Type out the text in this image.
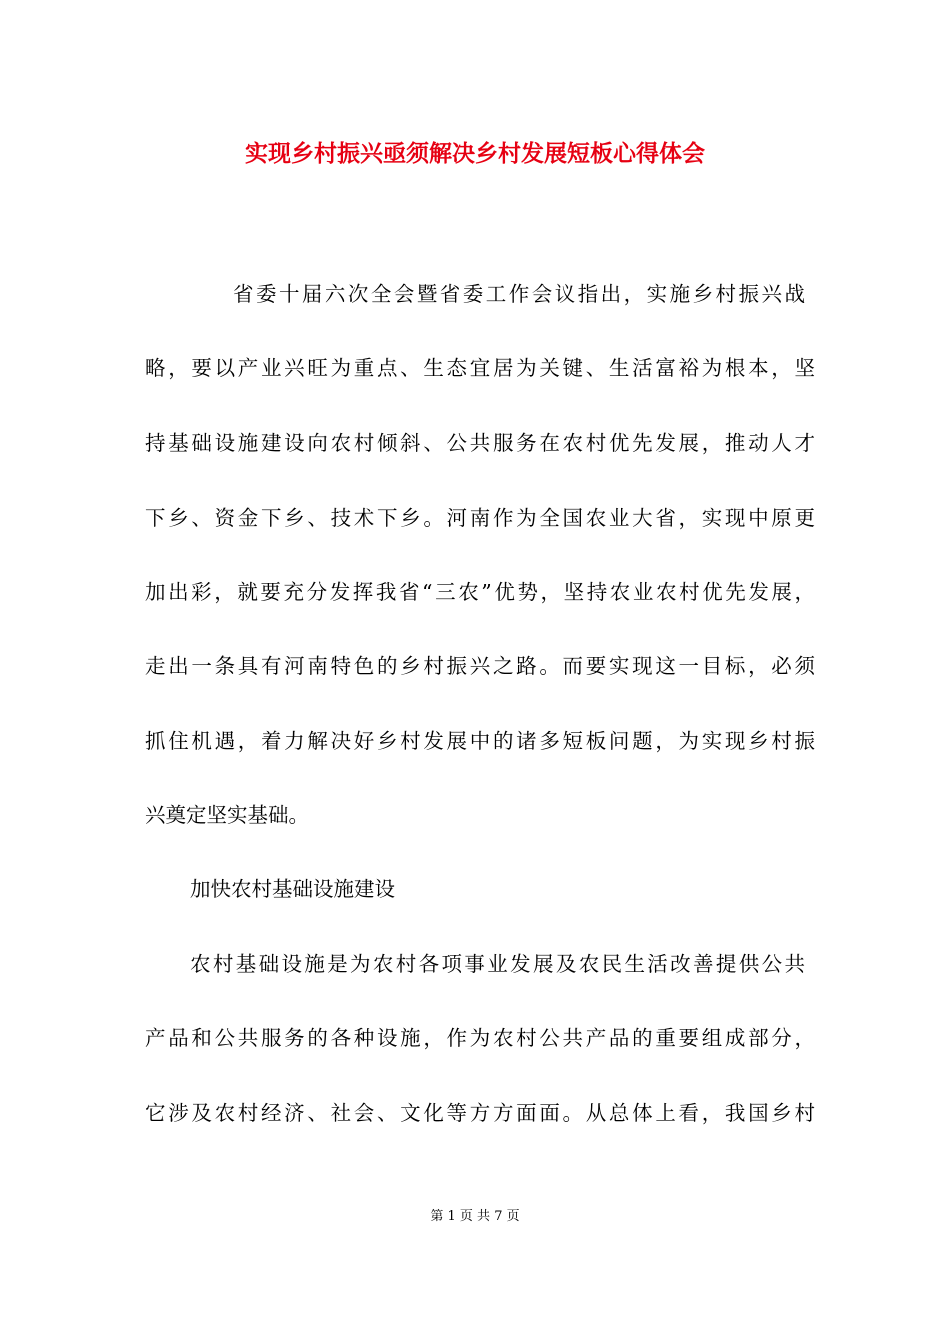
实现乡村振兴亟须解决乡村发展短板心得体会
省委十届六次全会暨省委工作会议指出，实施乡村振兴战
略，要以产业兴旺为重点、生态宜居为关键、生活富裕为根本，坚
持基础设施建设向农村倾斜、公共服务在农村优先发展，推动人才
下乡、资金下乡、技术下乡。河南作为全国农业大省，实现中原更
加出彩，就要充分发挥我省“三农”优势，坚持农业农村优先发展，
走出一条具有河南特色的乡村振兴之路。而要实现这一目标，必须
抓住机遇，着力解决好乡村发展中的诸多短板问题，为实现乡村振
兴奠定坚实基础。
加快农村基础设施建设
农村基础设施是为农村各项事业发展及农民生活改善提供公共
产品和公共服务的各种设施，作为农村公共产品的重要组成部分，
它涉及农村经济、社会、文化等方方面面。从总体上看，我国乡村
第 1 页 共 7 页
